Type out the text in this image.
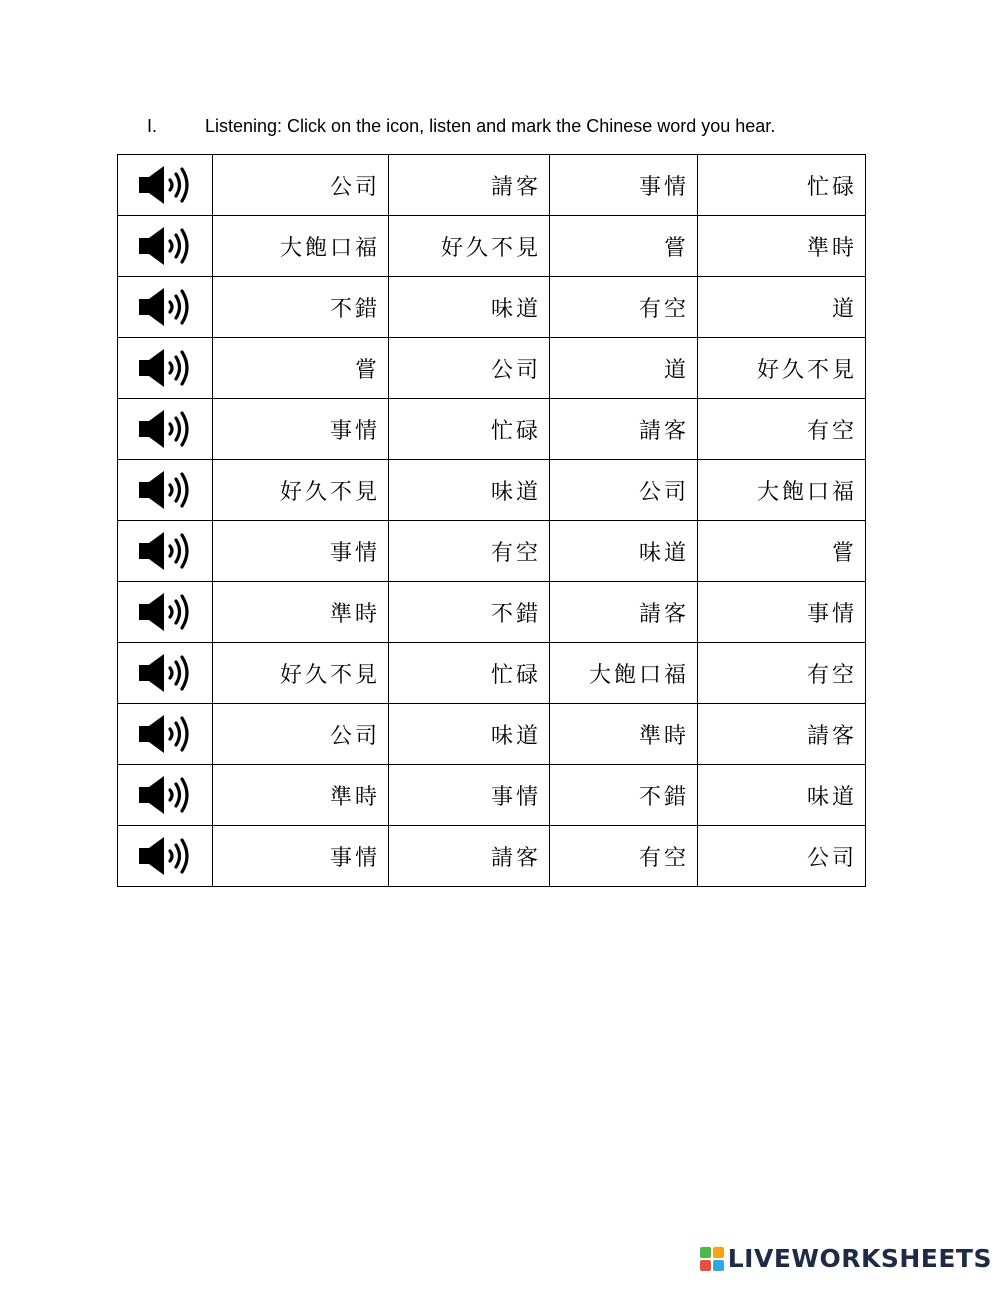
I.	Listening: Click on the icon, listen and mark the Chinese word you hear.
	公司	請客	事情	忙碌
	大飽口福	好久不見	嘗	準時
	不錯	味道	有空	道
	嘗	公司	道	好久不見
	事情	忙碌	請客	有空
	好久不見	味道	公司	大飽口福
	事情	有空	味道	嘗
	準時	不錯	請客	事情
	好久不見	忙碌	大飽口福	有空
	公司	味道	準時	請客
	準時	事情	不錯	味道
	事情	請客	有空	公司
LIVEWORKSHEETS
